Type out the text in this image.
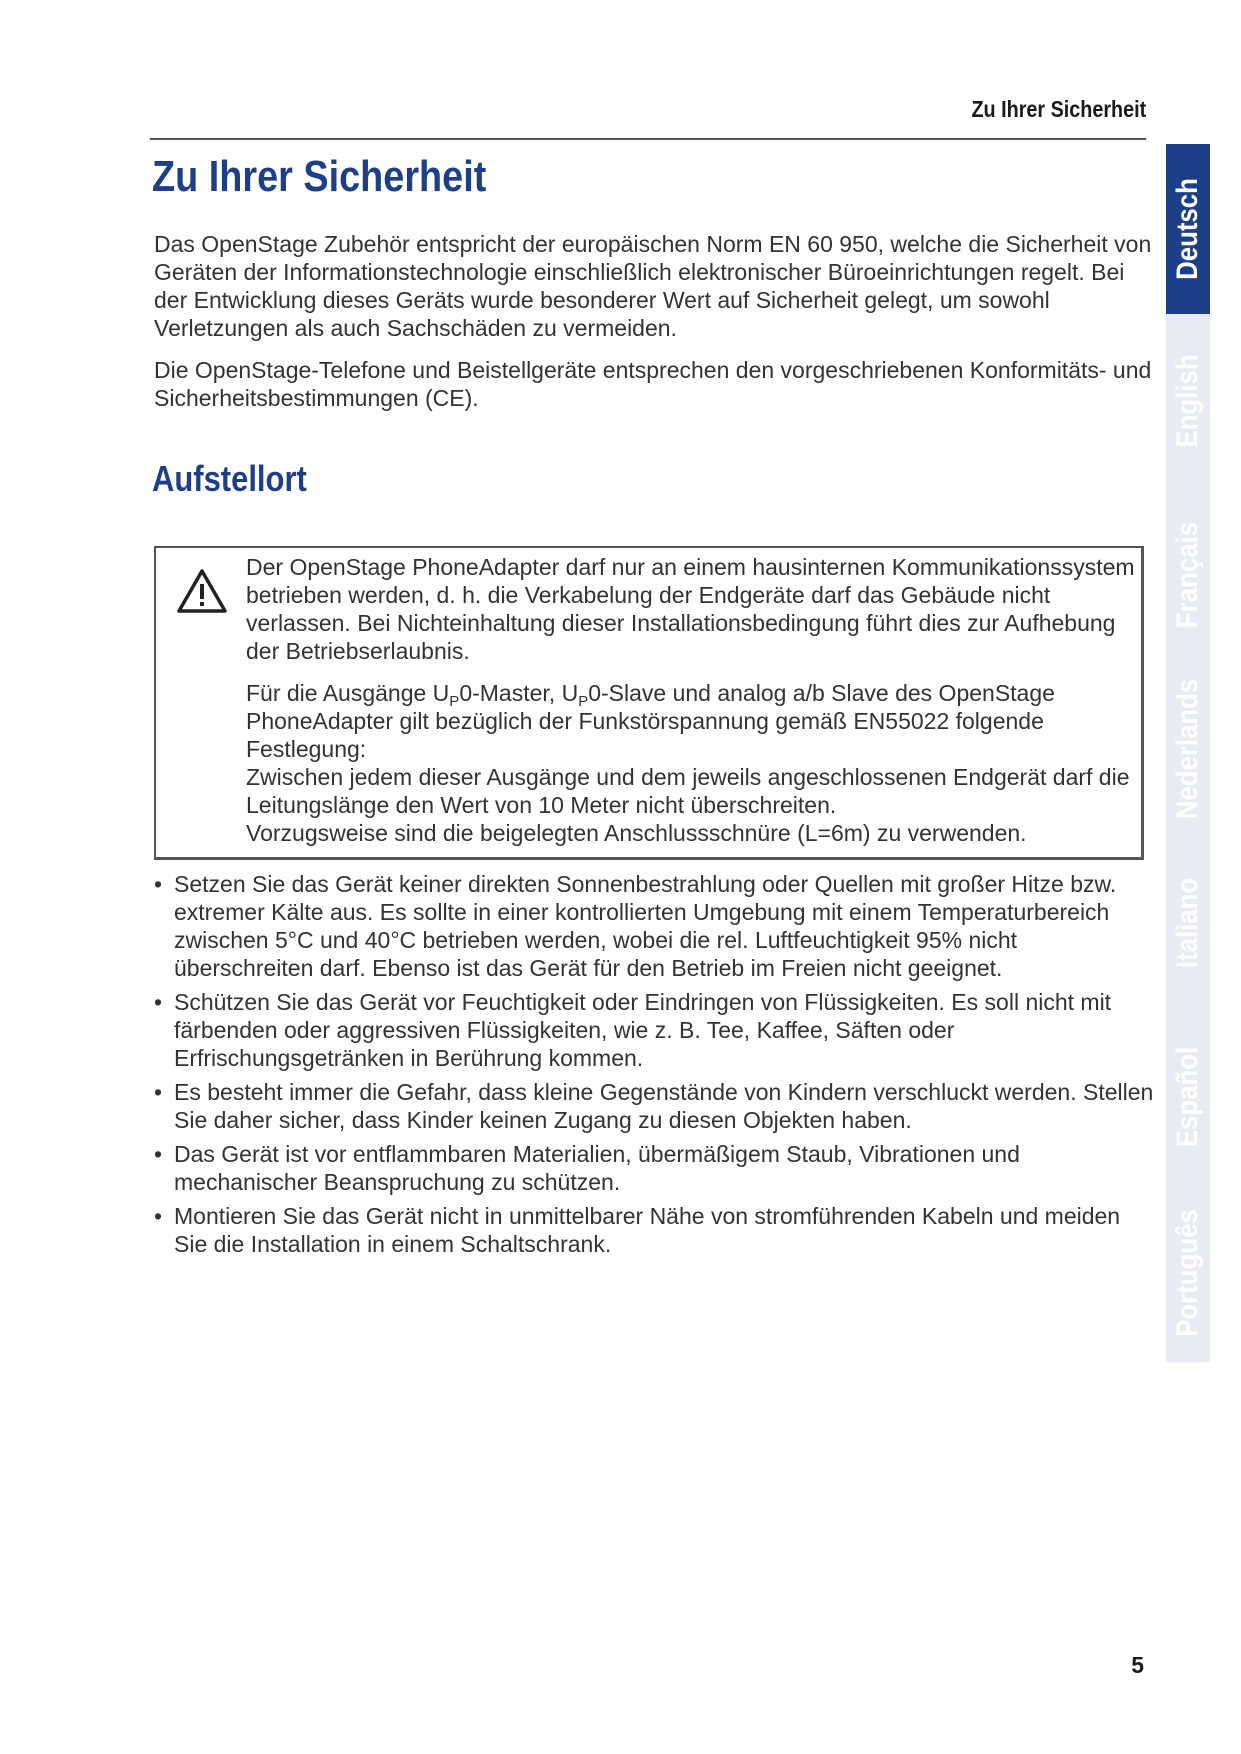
Zu Ihrer Sicherheit
Zu Ihrer Sicherheit

Das OpenStage Zubehör entspricht der europäischen Norm EN 60 950, welche die Sicherheit von Geräten der Informationstechnologie einschließlich elektronischer Büroeinrichtungen regelt. Bei der Entwicklung dieses Geräts wurde besonderer Wert auf Sicherheit gelegt, um sowohl Verletzungen als auch Sachschäden zu vermeiden.

Die OpenStage-Telefone und Beistellgeräte entsprechen den vorgeschriebenen Konformitäts- und Sicherheitsbestimmungen (CE).

Aufstellort

Der OpenStage PhoneAdapter darf nur an einem hausinternen Kommunikationssystem betrieben werden, d. h. die Verkabelung der Endgeräte darf das Gebäude nicht verlassen. Bei Nichteinhaltung dieser Installationsbedingung führt dies zur Aufhebung der Betriebserlaubnis.

Für die Ausgänge $U_P0$-Master, $U_P0$-Slave und analog a/b Slave des OpenStage PhoneAdapter gilt bezüglich der Funkstörspannung gemäß EN55022 folgende Festlegung:
Zwischen jedem dieser Ausgänge und dem jeweils angeschlossenen Endgerät darf die Leitungslänge den Wert von 10 Meter nicht überschreiten.
Vorzugsweise sind die beigelegten Anschlussschnüre (L=6m) zu verwenden.

• Setzen Sie das Gerät keiner direkten Sonnenbestrahlung oder Quellen mit großer Hitze bzw. extremer Kälte aus. Es sollte in einer kontrollierten Umgebung mit einem Temperaturbereich zwischen 5°C und 40°C betrieben werden, wobei die rel. Luftfeuchtigkeit 95% nicht überschreiten darf. Ebenso ist das Gerät für den Betrieb im Freien nicht geeignet.
• Schützen Sie das Gerät vor Feuchtigkeit oder Eindringen von Flüssigkeiten. Es soll nicht mit färbenden oder aggressiven Flüssigkeiten, wie z. B. Tee, Kaffee, Säften oder Erfrischungsgetränken in Berührung kommen.
• Es besteht immer die Gefahr, dass kleine Gegenstände von Kindern verschluckt werden. Stellen Sie daher sicher, dass Kinder keinen Zugang zu diesen Objekten haben.
• Das Gerät ist vor entflammbaren Materialien, übermäßigem Staub, Vibrationen und mechanischer Beanspruchung zu schützen.
• Montieren Sie das Gerät nicht in unmittelbarer Nähe von stromführenden Kabeln und meiden Sie die Installation in einem Schaltschrank.
Deutsch
English
Français
Nederlands
Italiano
Español
Português
5
